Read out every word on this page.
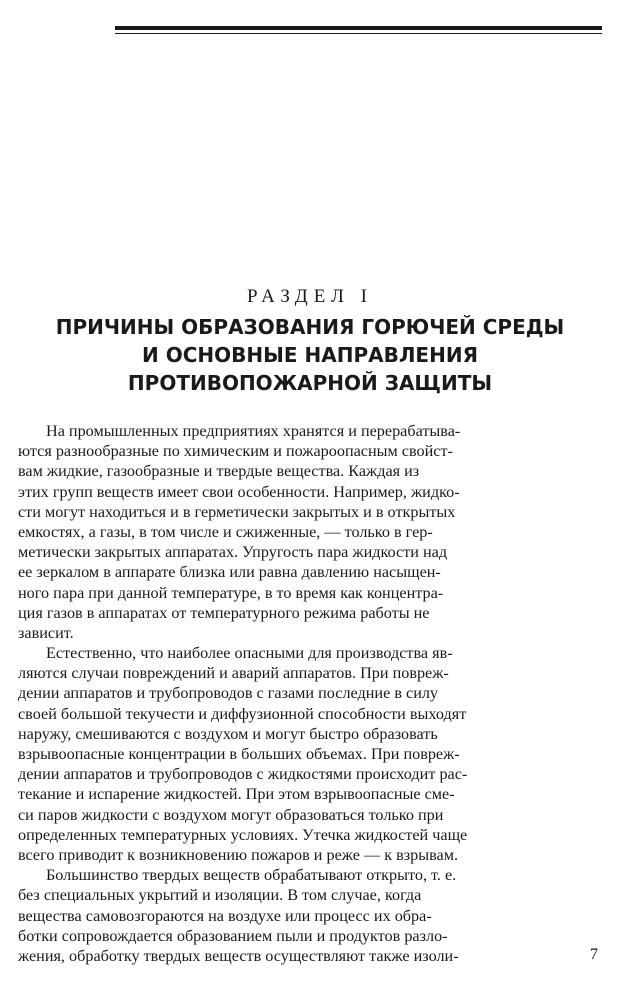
РАЗДЕЛ I
ПРИЧИНЫ ОБРАЗОВАНИЯ ГОРЮЧЕЙ СРЕДЫ
И ОСНОВНЫЕ НАПРАВЛЕНИЯ
ПРОТИВОПОЖАРНОЙ ЗАЩИТЫ
На промышленных предприятиях хранятся и перерабатыва-
ются разнообразные по химическим и пожароопасным свойст-
вам жидкие, газообразные и твердые вещества. Каждая из
этих групп веществ имеет свои особенности. Например, жидко-
сти могут находиться и в герметически закрытых и в открытых
емкостях, а газы, в том числе и сжиженные, — только в гер-
метически закрытых аппаратах. Упругость пара жидкости над
ее зеркалом в аппарате близка или равна давлению насыщен-
ного пара при данной температуре, в то время как концентра-
ция газов в аппаратах от температурного режима работы не
зависит.
Естественно, что наиболее опасными для производства яв-
ляются случаи повреждений и аварий аппаратов. При повреж-
дении аппаратов и трубопроводов с газами последние в силу
своей большой текучести и диффузионной способности выходят
наружу, смешиваются с воздухом и могут быстро образовать
взрывоопасные концентрации в больших объемах. При повреж-
дении аппаратов и трубопроводов с жидкостями происходит рас-
текание и испарение жидкостей. При этом взрывоопасные сме-
си паров жидкости с воздухом могут образоваться только при
определенных температурных условиях. Утечка жидкостей чаще
всего приводит к возникновению пожаров и реже — к взрывам.
Большинство твердых веществ обрабатывают открыто, т. е.
без специальных укрытий и изоляции. В том случае, когда
вещества самовозгораются на воздухе или процесс их обра-
ботки сопровождается образованием пыли и продуктов разло-
жения, обработку твердых веществ осуществляют также изоли-	7
